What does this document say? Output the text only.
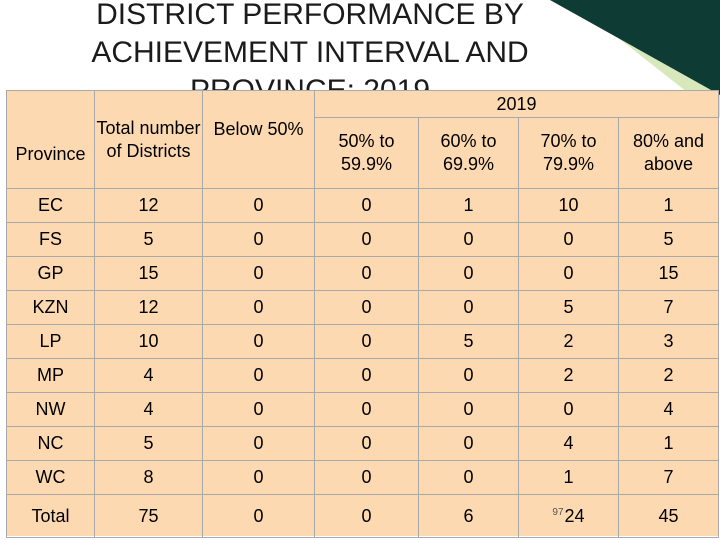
DISTRICT PERFORMANCE BY
ACHIEVEMENT INTERVAL AND
Province	Total number of Districts	Below 50%	2019			
			50% to 59.9%	60% to 69.9%	70% to 79.9%	80% and above
EC	12	0	0	1	10	1
FS	5	0	0	0	0	5
GP	15	0	0	0	0	15
KZN	12	0	0	0	5	7
LP	10	0	0	5	2	3
MP	4	0	0	0	2	2
NW	4	0	0	0	0	4
NC	5	0	0	0	4	1
WC	8	0	0	0	1	7
Total	75	0	0	6	$^{97}$24	45
